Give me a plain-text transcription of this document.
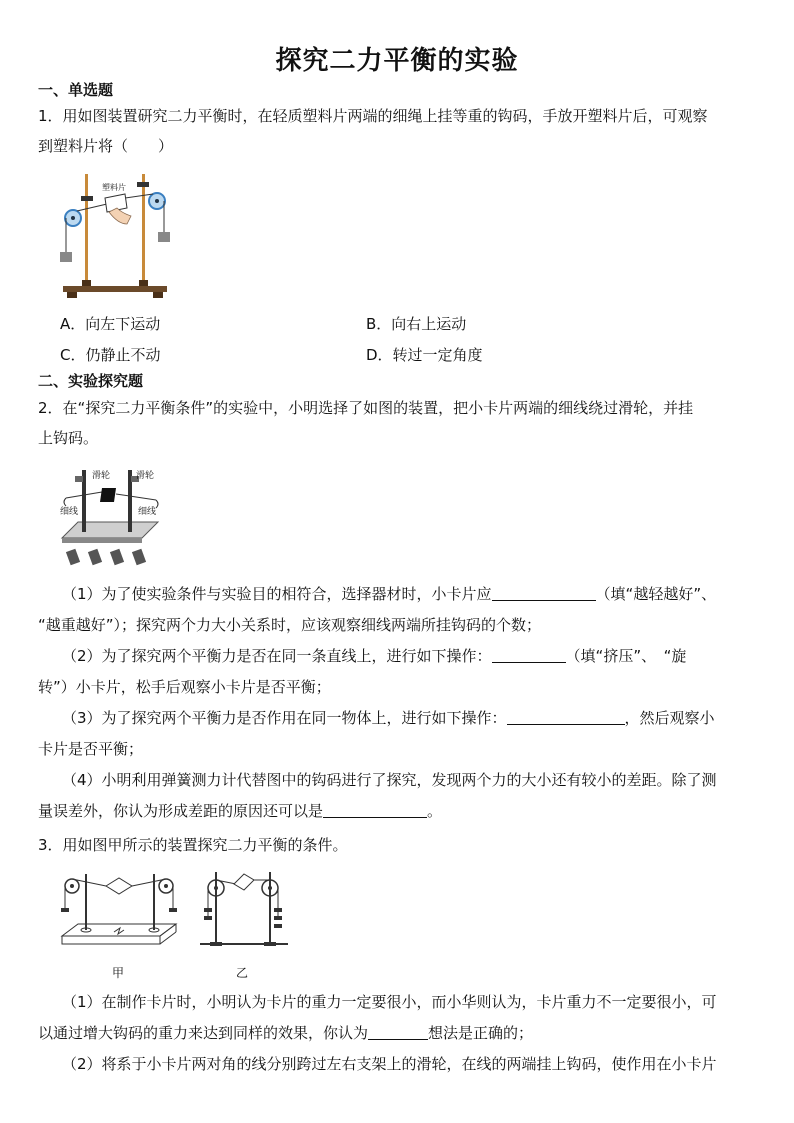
探究二力平衡的实验
一、单选题
1．用如图装置研究二力平衡时，在轻质塑料片两端的细绳上挂等重的钩码，手放开塑料片后，可观察
到塑料片将（　　）
塑料片
A．向左下运动	B．向右上运动
C．仍静止不动	D．转过一定角度
二、实验探究题
2．在“探究二力平衡条件”的实验中，小明选择了如图的装置，把小卡片两端的细线绕过滑轮，并挂
上钩码。
滑轮	滑轮
细线	细线
（1）为了使实验条件与实验目的相符合，选择器材时，小卡片应	（填“越轻越好”、
“越重越好”）；探究两个力大小关系时，应该观察细线两端所挂钩码的个数；
（2）为了探究两个平衡力是否在同一条直线上，进行如下操作：	（填“挤压”、　“旋
转”）小卡片，松手后观察小卡片是否平衡；
（3）为了探究两个平衡力是否作用在同一物体上，进行如下操作：	，然后观察小
卡片是否平衡；
（4）小明利用弹簧测力计代替图中的钩码进行了探究，发现两个力的大小还有较小的差距。除了测
量误差外，你认为形成差距的原因还可以是	。
3．用如图甲所示的装置探究二力平衡的条件。
甲	乙
（1）在制作卡片时，小明认为卡片的重力一定要很小，而小华则认为，卡片重力不一定要很小，可
以通过增大钩码的重力来达到同样的效果，你认为	想法是正确的；
（2）将系于小卡片两对角的线分别跨过左右支架上的滑轮，在线的两端挂上钩码，使作用在小卡片
